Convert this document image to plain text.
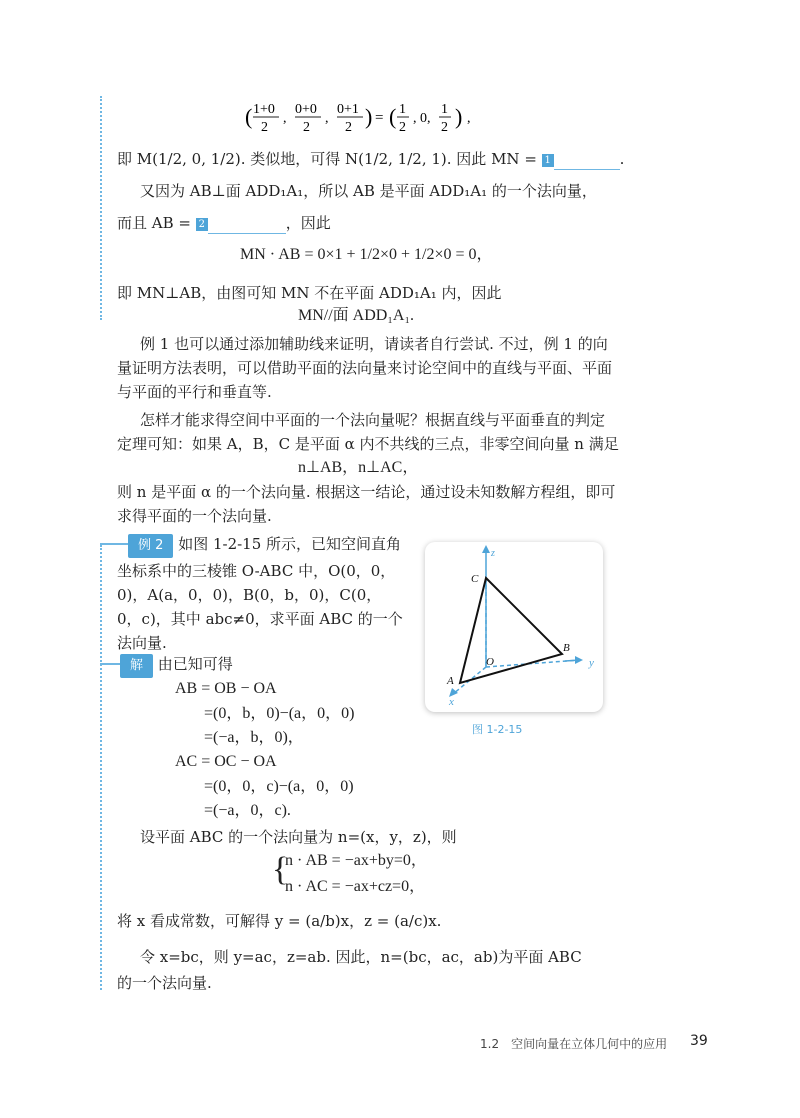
( 1+0
2
,
0+0
2
,
0+1
2 ) = ( 1
2
, 0,
1
2 ) ,
即 M(1/2, 0, 1/2). 类似地，可得 N(1/2, 1/2, 1). 因此 MN = 1	.
又因为 AB⊥面 ADD₁A₁，所以 AB 是平面 ADD₁A₁ 的一个法向量，
而且 AB = 2	，因此
MN · AB = 0×1 + 1/2×0 + 1/2×0 = 0，
即 MN⊥AB，由图可知 MN 不在平面 ADD₁A₁ 内，因此
MN//面 ADD₁A₁.
例 1 也可以通过添加辅助线来证明，请读者自行尝试. 不过，例 1 的向
量证明方法表明，可以借助平面的法向量来讨论空间中的直线与平面、平面
与平面的平行和垂直等.
怎样才能求得空间中平面的一个法向量呢？根据直线与平面垂直的判定
定理可知：如果 A，B，C 是平面 α 内不共线的三点，非零空间向量 n 满足
n⊥AB，n⊥AC，
则 n 是平面 α 的一个法向量. 根据这一结论，通过设未知数解方程组，即可
求得平面的一个法向量.
例 2 如图 1-2-15 所示，已知空间直角
坐标系中的三棱锥 O-ABC 中，O(0，0，
0)，A(a，0，0)，B(0，b，0)，C(0，
0，c)，其中 abc≠0，求平面 ABC 的一个
法向量.
解 由已知可得
AB = OB − OA
=(0，b，0)−(a，0，0)
=(−a，b，0)，
AC = OC − OA
=(0，0，c)−(a，0，0)
=(−a，0，c).
设平面 ABC 的一个法向量为 n=(x，y，z)，则
{
n · AB = −ax+by=0，
n · AC = −ax+cz=0，
将 x 看成常数，可解得 y = (a/b)x，z = (a/c)x.
令 x=bc，则 y=ac，z=ab. 因此，n=(bc，ac，ab)为平面 ABC
的一个法向量.
z
y
x
O
A
B
C
图 1-2-15
1.2　空间向量在立体几何中的应用 39
